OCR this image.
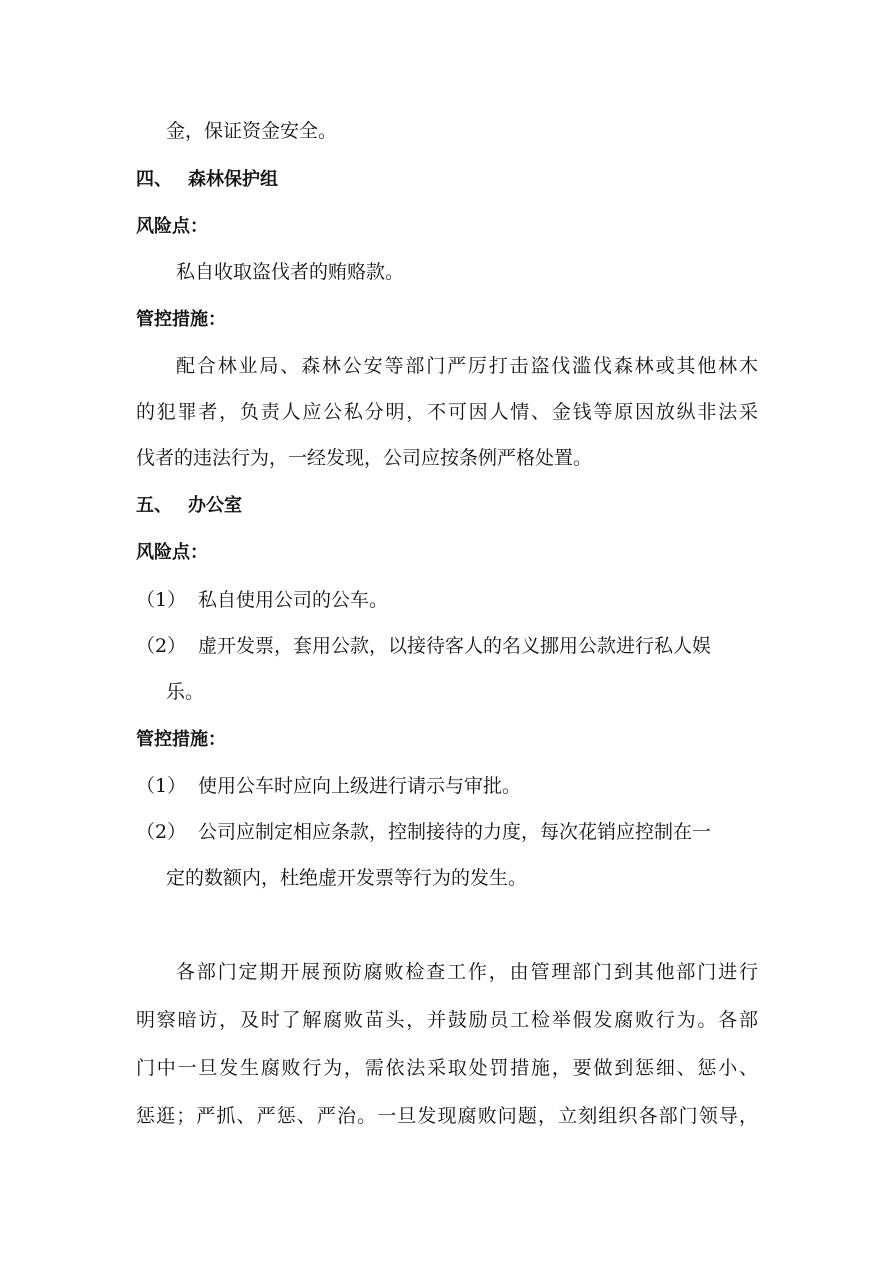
金，保证资金安全。
四、 森林保护组
风险点：
私自收取盗伐者的贿赂款。
管控措施：
配合林业局、森林公安等部门严厉打击盗伐滥伐森林或其他林木
的犯罪者，负责人应公私分明，不可因人情、金钱等原因放纵非法采
伐者的违法行为，一经发现，公司应按条例严格处置。
五、 办公室
风险点：
（1） 私自使用公司的公车。
（2） 虚开发票，套用公款，以接待客人的名义挪用公款进行私人娱
乐。
管控措施：
（1） 使用公车时应向上级进行请示与审批。
（2） 公司应制定相应条款，控制接待的力度，每次花销应控制在一
定的数额内，杜绝虚开发票等行为的发生。
各部门定期开展预防腐败检查工作，由管理部门到其他部门进行
明察暗访，及时了解腐败苗头，并鼓励员工检举假发腐败行为。各部
门中一旦发生腐败行为，需依法采取处罚措施，要做到惩细、惩小、
惩逛；严抓、严惩、严治。一旦发现腐败问题，立刻组织各部门领导，
